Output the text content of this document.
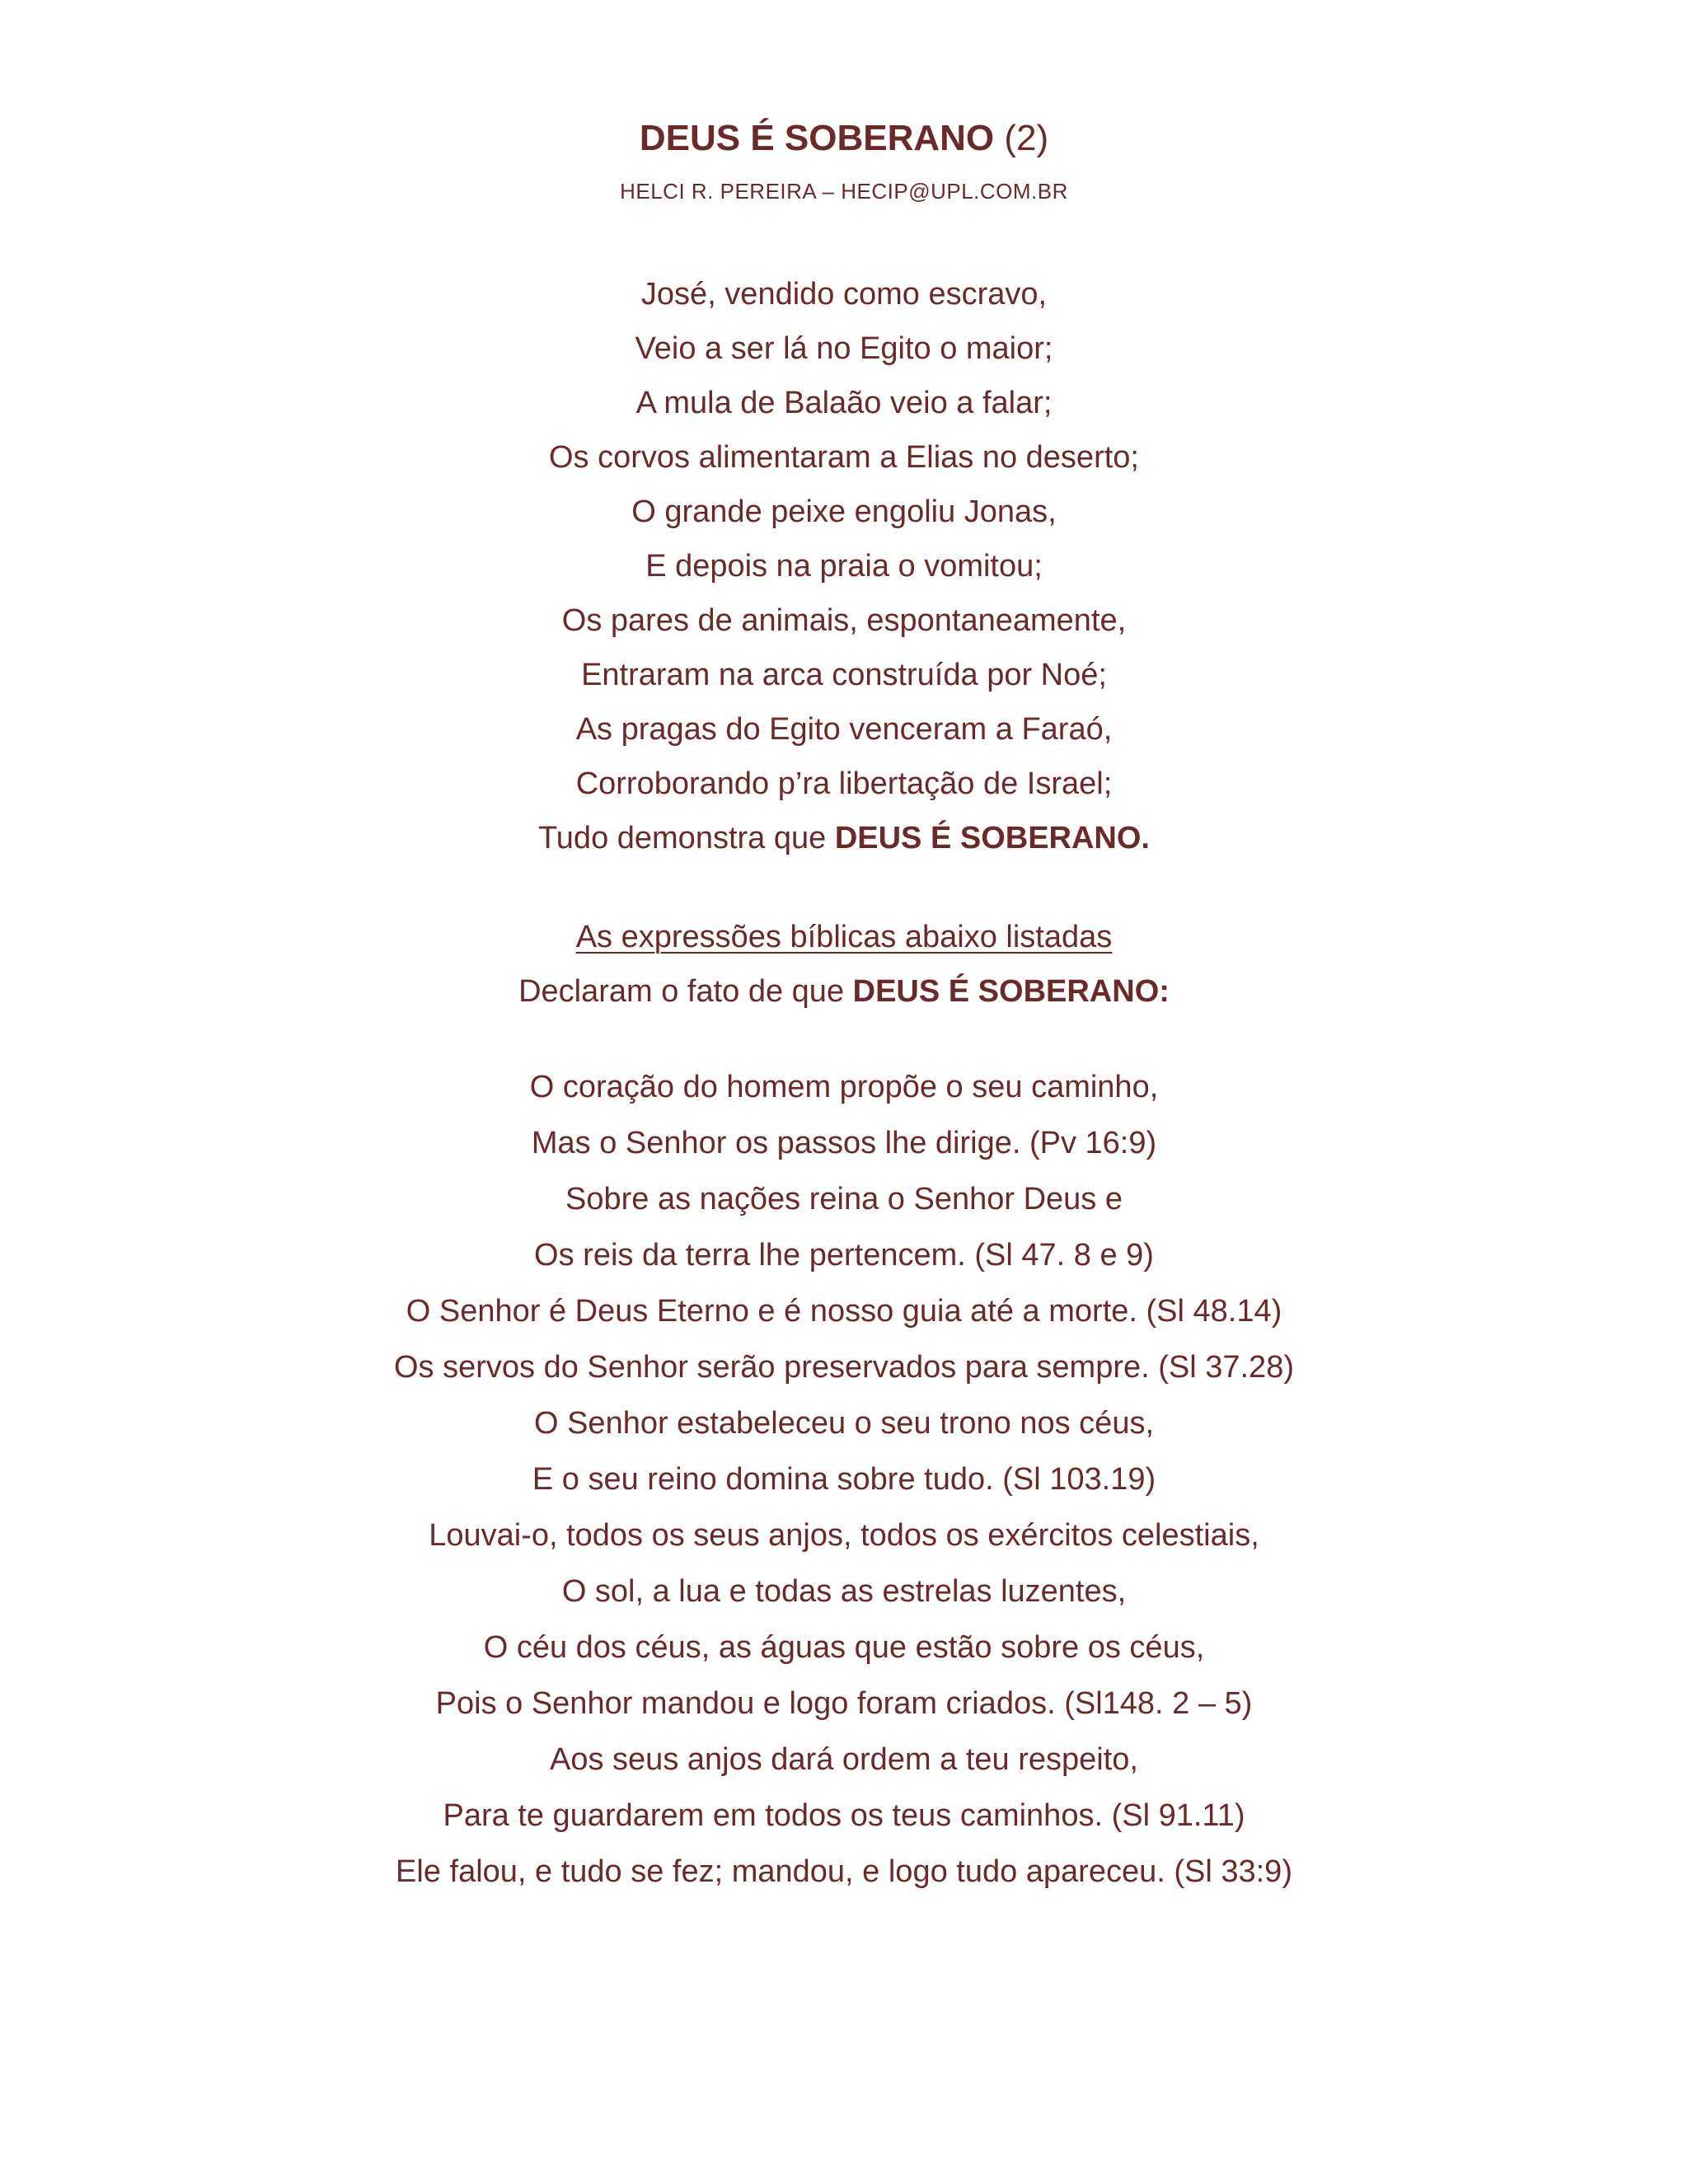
DEUS É SOBERANO (2)
HELCI R. PEREIRA – HECIP@UPL.COM.BR
José, vendido como escravo,
Veio a ser lá no Egito o maior;
A mula de Balaão veio a falar;
Os corvos alimentaram a Elias no deserto;
O grande peixe engoliu Jonas,
E depois na praia o vomitou;
Os pares de animais, espontaneamente,
Entraram na arca construída por Noé;
As pragas do Egito venceram a Faraó,
Corroborando p’ra libertação de Israel;
Tudo demonstra que DEUS É SOBERANO.
As expressões bíblicas abaixo listadas
Declaram o fato de que DEUS É SOBERANO:
O coração do homem propõe o seu caminho,
Mas o Senhor os passos lhe dirige. (Pv 16:9)
Sobre as nações reina o Senhor Deus e
Os reis da terra lhe pertencem. (Sl 47. 8 e 9)
O Senhor é Deus Eterno e é nosso guia até a morte. (Sl 48.14)
Os servos do Senhor serão preservados para sempre. (Sl 37.28)
O Senhor estabeleceu o seu trono nos céus,
E o seu reino domina sobre tudo. (Sl 103.19)
Louvai-o, todos os seus anjos, todos os exércitos celestiais,
O sol, a lua e todas as estrelas luzentes,
O céu dos céus, as águas que estão sobre os céus,
Pois o Senhor mandou e logo foram criados. (Sl148. 2 – 5)
Aos seus anjos dará ordem a teu respeito,
Para te guardarem em todos os teus caminhos. (Sl 91.11)
Ele falou, e tudo se fez; mandou, e logo tudo apareceu. (Sl 33:9)
